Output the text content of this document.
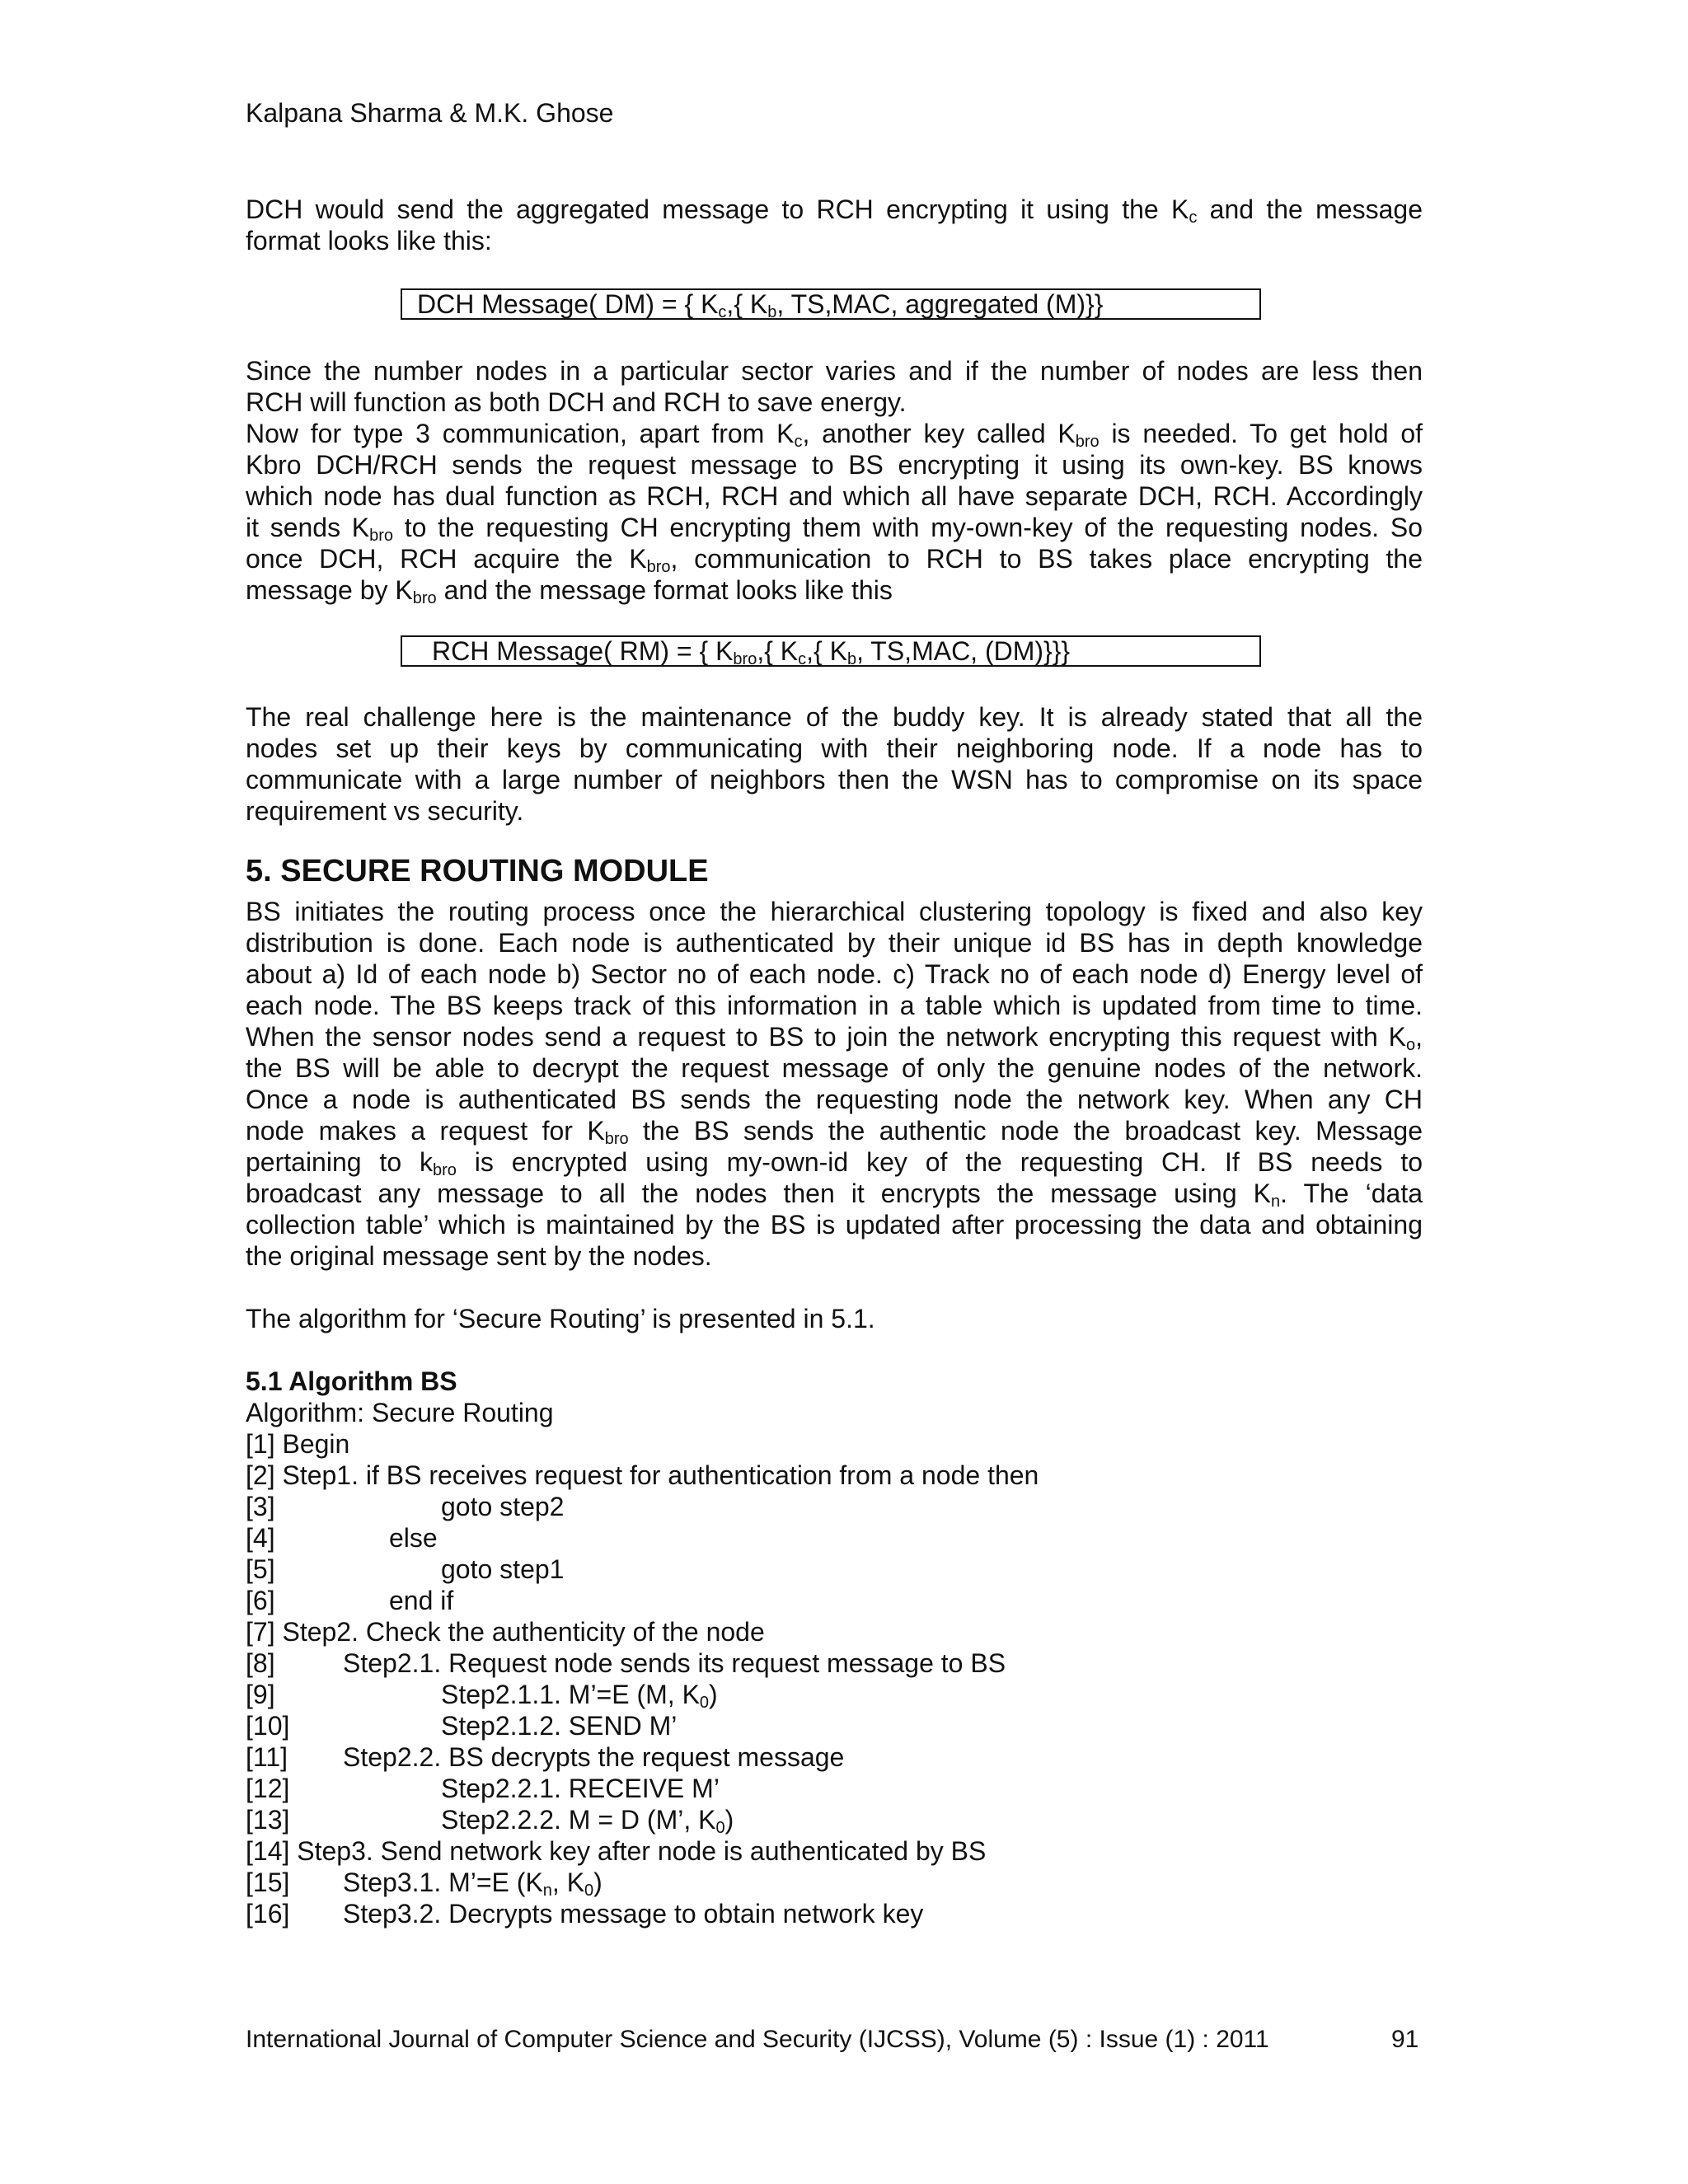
Kalpana Sharma & M.K. Ghose
DCH would send the aggregated message to RCH encrypting it using the $K_c$ and the message
format looks like this:
DCH Message( DM) = { $K_c$,{ $K_b$, TS,MAC, aggregated (M)}}
Since the number nodes in a particular sector varies and if the number of nodes are less then
RCH will function as both DCH and RCH to save energy.
Now for type 3 communication, apart from $K_c$, another key called $K_{bro}$ is needed. To get hold of
Kbro DCH/RCH sends the request message to BS encrypting it using its own-key. BS knows
which node has dual function as RCH, RCH and which all have separate DCH, RCH. Accordingly
it sends $K_{bro}$ to the requesting CH encrypting them with my-own-key of the requesting nodes. So
once DCH, RCH acquire the $K_{bro}$, communication to RCH to BS takes place encrypting the
message by $K_{bro}$ and the message format looks like this
RCH Message( RM) = { $K_{bro}$,{ $K_c$,{ $K_b$, TS,MAC, (DM)}}}
The real challenge here is the maintenance of the buddy key. It is already stated that all the
nodes set up their keys by communicating with their neighboring node. If a node has to
communicate with a large number of neighbors then the WSN has to compromise on its space
requirement vs security.
5. SECURE ROUTING MODULE
BS initiates the routing process once the hierarchical clustering topology is fixed and also key
distribution is done. Each node is authenticated by their unique id BS has in depth knowledge
about a) Id of each node b) Sector no of each node. c) Track no of each node d) Energy level of
each node. The BS keeps track of this information in a table which is updated from time to time.
When the sensor nodes send a request to BS to join the network encrypting this request with $K_o$,
the BS will be able to decrypt the request message of only the genuine nodes of the network.
Once a node is authenticated BS sends the requesting node the network key. When any CH
node makes a request for $K_{bro}$ the BS sends the authentic node the broadcast key. Message
pertaining to $k_{bro}$ is encrypted using my-own-id key of the requesting CH. If BS needs to
broadcast any message to all the nodes then it encrypts the message using $K_n$. The ‘data
collection table’ which is maintained by the BS is updated after processing the data and obtaining
the original message sent by the nodes.
The algorithm for ‘Secure Routing’ is presented in 5.1.
5.1 Algorithm BS
Algorithm: Secure Routing
[1] Begin
[2] Step1. if BS receives request for authentication from a node then
[3]	goto step2
[4]	else
[5]	goto step1
[6]	end if
[7] Step2. Check the authenticity of the node
[8]	Step2.1. Request node sends its request message to BS
[9]	Step2.1.1. M’=E (M, $K_0$)
[10]	Step2.1.2. SEND M’
[11] Step2.2. BS decrypts the request message
[12]	Step2.2.1. RECEIVE M’
[13]	Step2.2.2. M = D (M’, $K_0$)
[14] Step3. Send network key after node is authenticated by BS
[15] Step3.1. M’=E ($K_n$, $K_0$)
[16] Step3.2. Decrypts message to obtain network key
International Journal of Computer Science and Security (IJCSS), Volume (5) : Issue (1) : 2011	91
